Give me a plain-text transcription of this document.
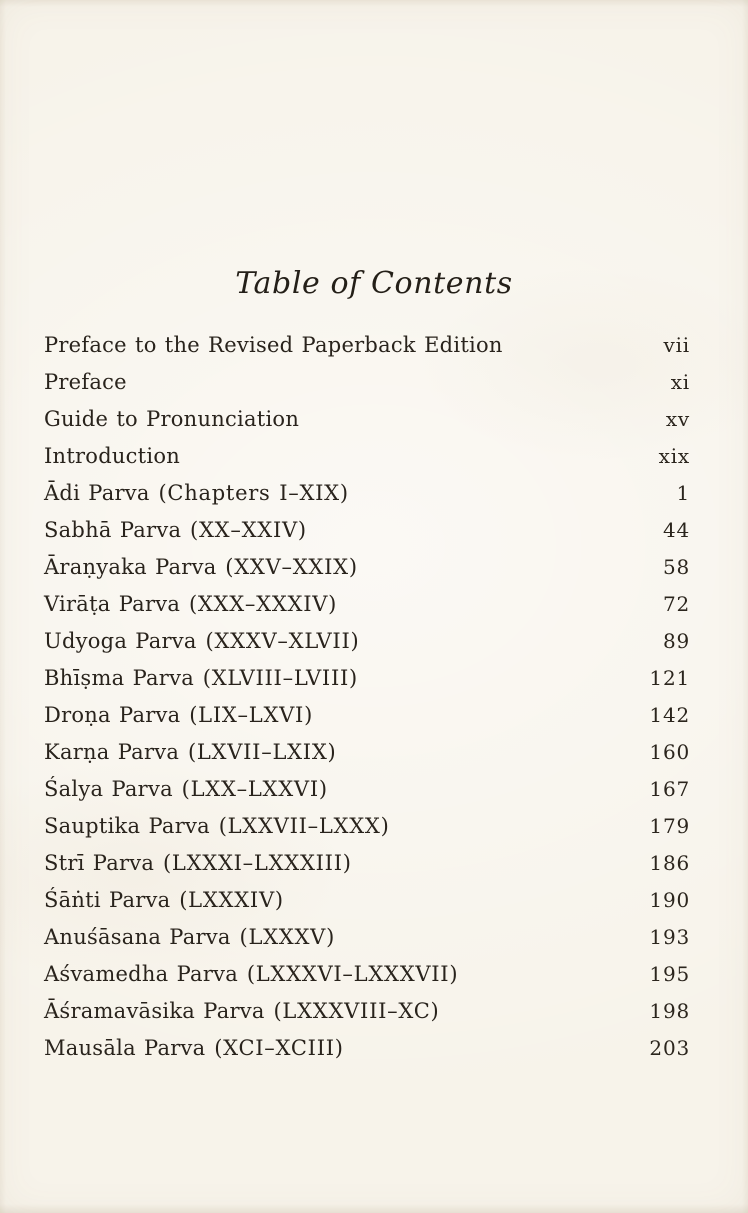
Table of Contents
Preface to the Revised Paperback Edition	vii
Preface	xi
Guide to Pronunciation	xv
Introduction	xix
Ādi Parva (Chapters I–XIX)	1
Sabhā Parva (XX–XXIV)	44
Āraṇyaka Parva (XXV–XXIX)	58
Virāṭa Parva (XXX–XXXIV)	72
Udyoga Parva (XXXV–XLVII)	89
Bhīṣma Parva (XLVIII–LVIII)	121
Droṇa Parva (LIX–LXVI)	142
Karṇa Parva (LXVII–LXIX)	160
Śalya Parva (LXX–LXXVI)	167
Sauptika Parva (LXXVII–LXXX)	179
Strī Parva (LXXXI–LXXXIII)	186
Śāṅti Parva (LXXXIV)	190
Anuśāsana Parva (LXXXV)	193
Aśvamedha Parva (LXXXVI–LXXXVII)	195
Āśramavāsika Parva (LXXXVIII–XC)	198
Mausāla Parva (XCI–XCIII)	203
